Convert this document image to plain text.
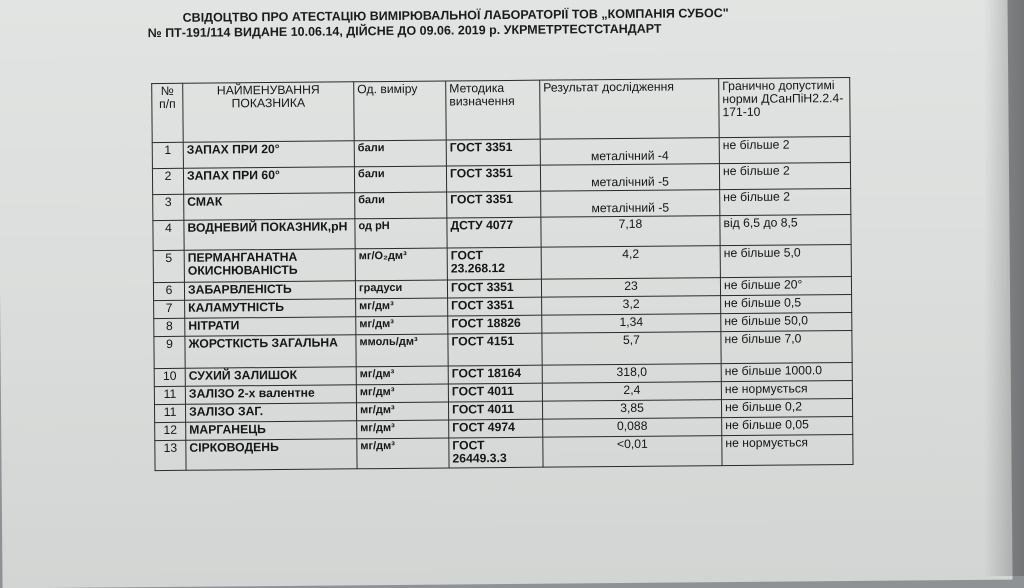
СВІДОЦТВО ПРО АТЕСТАЦІЮ ВИМІРЮВАЛЬНОЇ ЛАБОРАТОРІЇ ТОВ „КОМПАНІЯ СУБОС"
№ ПТ-191/114 ВИДАНЕ 10.06.14, ДІЙСНЕ ДО 09.06. 2019 р. УКРМЕТРТЕСТСТАНДАРТ
№ п/п	НАЙМЕНУВАННЯ ПОКАЗНИКА	Од. виміру	Методика визначення	Результат дослідження	Гранично допустимі норми ДСанПіН2.2.4-171-10
1	ЗАПАХ ПРИ 20°	бали	ГОСТ 3351	металічний -4	не більше 2
2	ЗАПАХ ПРИ 60°	бали	ГОСТ 3351	металічний -5	не більше 2
3	СМАК	бали	ГОСТ 3351	металічний -5	не більше 2
4	ВОДНЕВИЙ ПОКАЗНИК,рН	од рН	ДСТУ 4077	7,18	від 6,5 до 8,5
5	ПЕРМАНГАНАТНА ОКИСНЮВАНІСТЬ	мг/О₂дм³	ГОСТ 23.268.12	4,2	не більше 5,0
6	ЗАБАРВЛЕНІСТЬ	градуси	ГОСТ 3351	23	не більше 20°
7	КАЛАМУТНІСТЬ	мг/дм³	ГОСТ 3351	3,2	не більше 0,5
8	НІТРАТИ	мг/дм³	ГОСТ 18826	1,34	не більше 50,0
9	ЖОРСТКІСТЬ ЗАГАЛЬНА	ммоль/дм³	ГОСТ 4151	5,7	не більше 7,0
10	СУХИЙ ЗАЛИШОК	мг/дм³	ГОСТ 18164	318,0	не більше 1000.0
11	ЗАЛІЗО 2-х валентне	мг/дм³	ГОСТ 4011	2,4	не нормується
11	ЗАЛІЗО ЗАГ.	мг/дм³	ГОСТ 4011	3,85	не більше 0,2
12	МАРГАНЕЦЬ	мг/дм³	ГОСТ 4974	0,088	не більше 0,05
13	СІРКОВОДЕНЬ	мг/дм³	ГОСТ 26449.3.3	<0,01	не нормується
